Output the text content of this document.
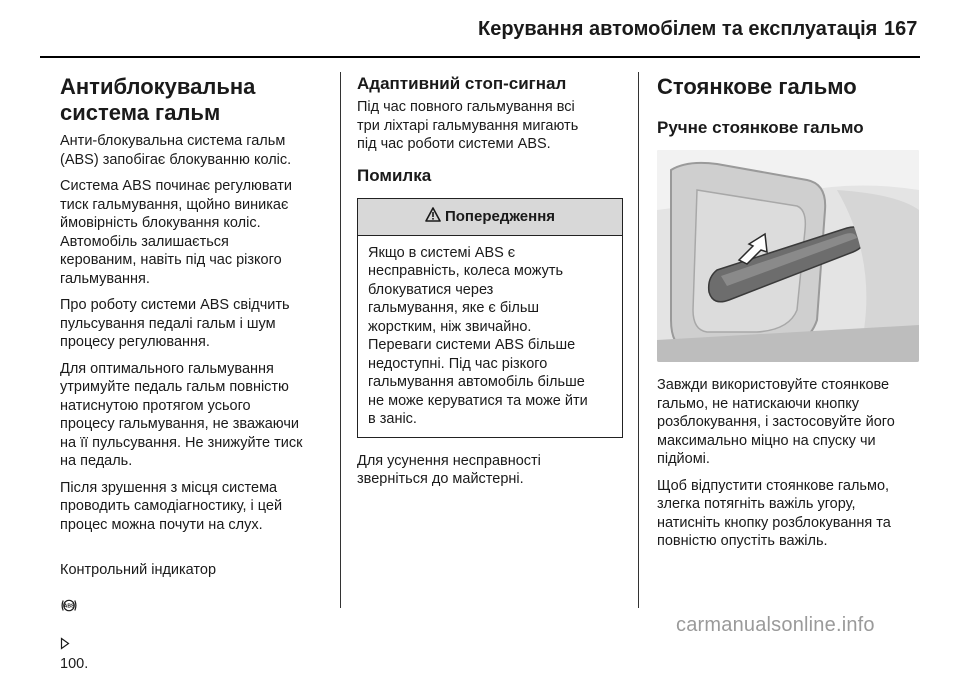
Керування автомобілем та експлуатація 167
Антиблокувальна
система гальм

Анти-блокувальна система гальм
(ABS) запобігає блокуванню коліс.

Система ABS починає регулювати
тиск гальмування, щойно виникає
ймовірність блокування коліс.
Автомобіль залишається
керованим, навіть під час різкого
гальмування.

Про роботу системи ABS свідчить
пульсування педалі гальм і шум
процесу регулювання.

Для оптимального гальмування
утримуйте педаль гальм повністю
натиснутою протягом усього
процесу гальмування, не зважаючи
на її пульсування. Не знижуйте тиск
на педаль.

Після зрушення з місця система
проводить самодіагностику, і цей
процес можна почути на слух.

Контрольний індикатор

ABS

100.

Адаптивний стоп-сигнал

Під час повного гальмування всі
три ліхтарі гальмування мигають
під час роботи системи ABS.

Помилка
Попередження

Якщо в системі ABS є
несправність, колеса можуть
блокуватися через
гальмування, яке є більш
жорстким, ніж звичайно.
Переваги системи ABS більше
недоступні. Під час різкого
гальмування автомобіль більше
не може керуватися та може йти
в заніс.

Для усунення несправності
зверніться до майстерні.

Стоянкове гальмо
Ручне стоянкове гальмо

Завжди використовуйте стоянкове
гальмо, не натискаючи кнопку
розблокування, і застосовуйте його
максимально міцно на спуску чи
підйомі.

Щоб відпустити стоянкове гальмо,
злегка потягніть важіль угору,
натисніть кнопку розблокування та
повністю опустіть важіль.

carmanualsonline.info
